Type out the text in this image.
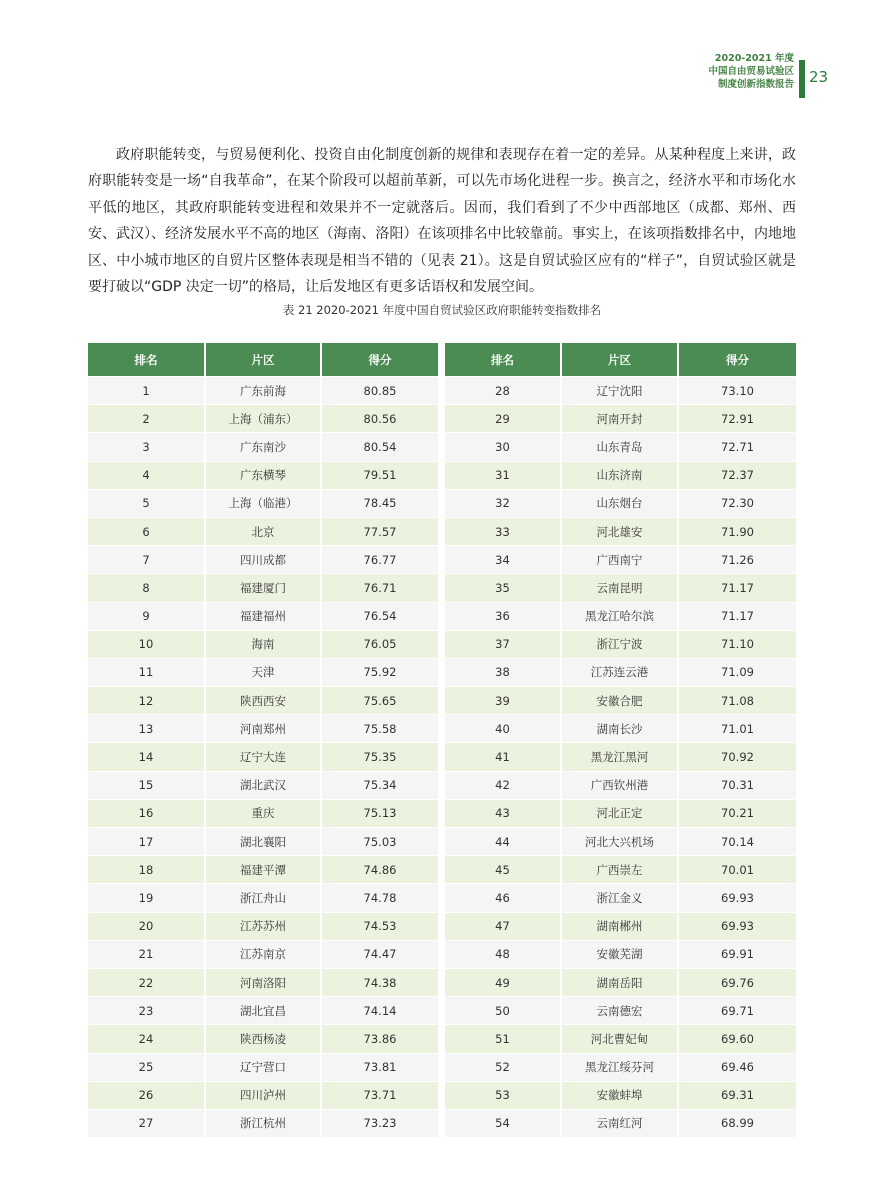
2020-2021 年度
中国自由贸易试验区
制度创新指数报告 23

政府职能转变，与贸易便利化、投资自由化制度创新的规律和表现存在着一定的差异。从某种程度上来讲，政府职能转变是一场“自我革命”，在某个阶段可以超前革新，可以先市场化进程一步。换言之，经济水平和市场化水平低的地区，其政府职能转变进程和效果并不一定就落后。因而，我们看到了不少中西部地区（成都、郑州、西安、武汉）、经济发展水平不高的地区（海南、洛阳）在该项排名中比较靠前。事实上，在该项指数排名中，内地地区、中小城市地区的自贸片区整体表现是相当不错的（见表 21）。这是自贸试验区应有的“样子”，自贸试验区就是要打破以“GDP 决定一切”的格局，让后发地区有更多话语权和发展空间。

表 21 2020-2021 年度中国自贸试验区政府职能转变指数排名
排名	片区	得分
1	广东前海	80.85
2	上海（浦东）	80.56
3	广东南沙	80.54
4	广东横琴	79.51
5	上海（临港）	78.45
6	北京	77.57
7	四川成都	76.77
8	福建厦门	76.71
9	福建福州	76.54
10	海南	76.05
11	天津	75.92
12	陕西西安	75.65
13	河南郑州	75.58
14	辽宁大连	75.35
15	湖北武汉	75.34
16	重庆	75.13
17	湖北襄阳	75.03
18	福建平潭	74.86
19	浙江舟山	74.78
20	江苏苏州	74.53
21	江苏南京	74.47
22	河南洛阳	74.38
23	湖北宜昌	74.14
24	陕西杨凌	73.86
25	辽宁营口	73.81
26	四川泸州	73.71
27	浙江杭州	73.23
排名	片区	得分
28	辽宁沈阳	73.10
29	河南开封	72.91
30	山东青岛	72.71
31	山东济南	72.37
32	山东烟台	72.30
33	河北雄安	71.90
34	广西南宁	71.26
35	云南昆明	71.17
36	黑龙江哈尔滨	71.17
37	浙江宁波	71.10
38	江苏连云港	71.09
39	安徽合肥	71.08
40	湖南长沙	71.01
41	黑龙江黑河	70.92
42	广西钦州港	70.31
43	河北正定	70.21
44	河北大兴机场	70.14
45	广西崇左	70.01
46	浙江金义	69.93
47	湖南郴州	69.93
48	安徽芜湖	69.91
49	湖南岳阳	69.76
50	云南德宏	69.71
51	河北曹妃甸	69.60
52	黑龙江绥芬河	69.46
53	安徽蚌埠	69.31
54	云南红河	68.99
